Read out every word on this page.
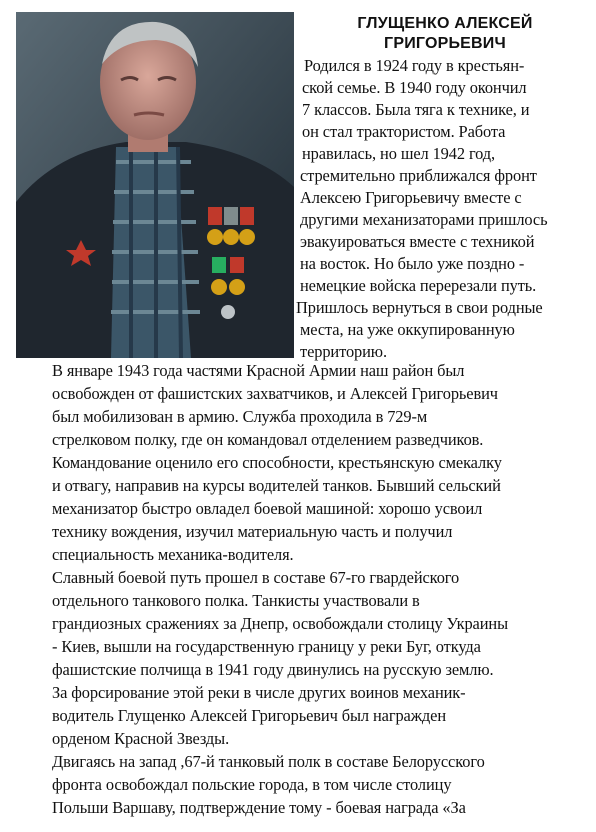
ГЛУЩЕНКО АЛЕКСЕЙ
ГРИГОРЬЕВИЧ
Родился в 1924 году в крестьян-
ской семье. В 1940 году окончил
7 классов. Была тяга к технике, и
он стал трактористом. Работа
нравилась, но шел 1942 год,
стремительно приближался фронт
Алексею Григорьевичу вместе с
другими механизаторами пришлось
эвакуироваться вместе с техникой
на восток. Но было уже поздно -
немецкие войска перерезали путь.
Пришлось вернуться в свои родные
места, на уже оккупированную
территорию.
В январе 1943 года частями Красной Армии наш район был
освобожден от фашистских захватчиков, и Алексей Григорьевич
был мобилизован в армию. Служба проходила в 729-м
стрелковом полку, где он командовал отделением разведчиков.
Командование оценило его способности, крестьянскую смекалку
и отвагу, направив на курсы водителей танков. Бывший сельский
механизатор быстро овладел боевой машиной: хорошо усвоил
технику вождения, изучил материальную часть и получил
специальность механика-водителя.
Славный боевой путь прошел в составе 67-го гвардейского
отдельного танкового полка. Танкисты участвовали в
грандиозных сражениях за Днепр, освобождали столицу Украины
- Киев, вышли на государственную границу у реки Буг, откуда
фашистские полчища в 1941 году двинулись на русскую землю.
За форсирование этой реки в числе других воинов механик-
водитель Глущенко Алексей Григорьевич был награжден
орденом Красной Звезды.
Двигаясь на запад ,67-й танковый полк в составе Белорусского
фронта освобождал польские города, в том числе столицу
Польши Варшаву, подтверждение тому - боевая награда «За
